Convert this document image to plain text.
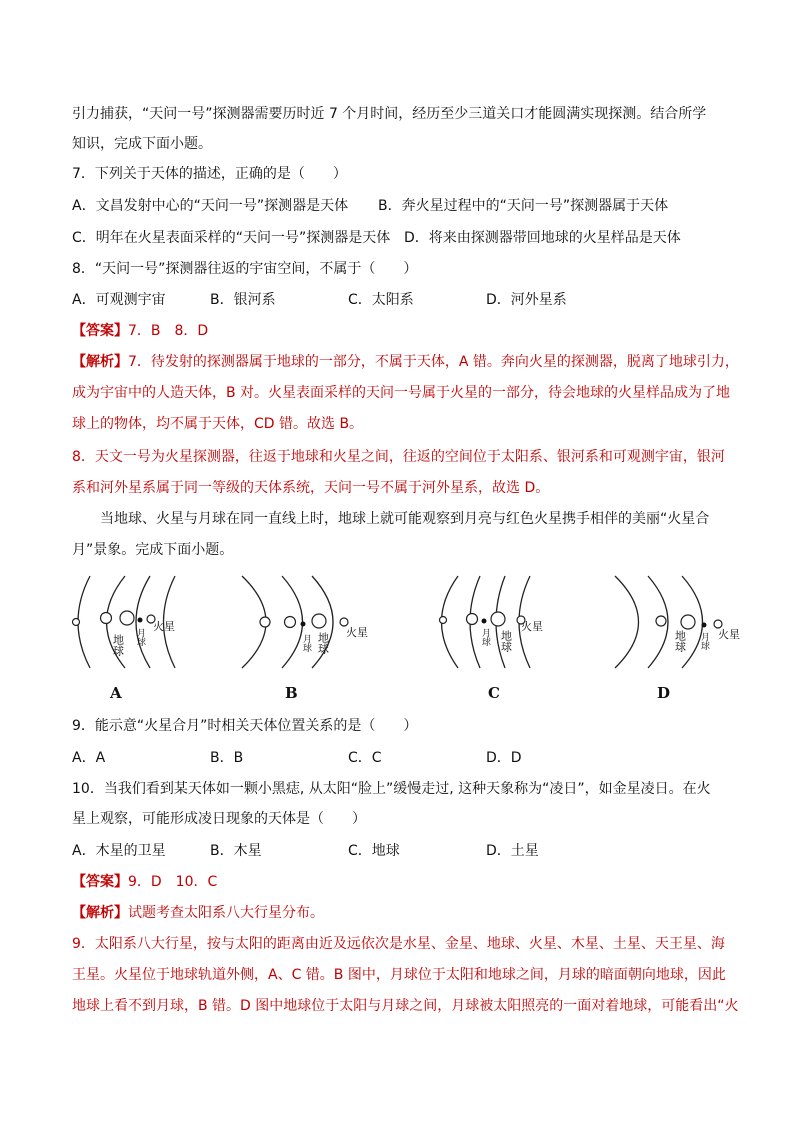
引力捕获，“天问一号”探测器需要历时近 7 个月时间，经历至少三道关口才能圆满实现探测。结合所学
知识，完成下面小题。
7．下列关于天体的描述，正确的是（　　）
A．文昌发射中心的“天问一号”探测器是天体 B．奔火星过程中的“天问一号”探测器属于天体
C．明年在火星表面采样的“天问一号”探测器是天体 D．将来由探测器带回地球的火星样品是天体
8．“天问一号”探测器往返的宇宙空间，不属于（　　）
A．可观测宇宙	B．银河系	C．太阳系	D．河外星系
【答案】7．B　8．D
【解析】7．待发射的探测器属于地球的一部分，不属于天体，A 错。奔向火星的探测器，脱离了地球引力，
成为宇宙中的人造天体，B 对。火星表面采样的天问一号属于火星的一部分，待会地球的火星样品成为了地
球上的物体，均不属于天体，CD 错。故选 B。
8．天文一号为火星探测器，往返于地球和火星之间，往返的空间位于太阳系、银河系和可观测宇宙，银河
系和河外星系属于同一等级的天体系统，天问一号不属于河外星系，故选 D。
当地球、火星与月球在同一直线上时，地球上就可能观察到月亮与红色火星携手相伴的美丽“火星合
月”景象。完成下面小题。
地球 月球
火星
月球 地球 火星	月球 地球
火星
地球 月球 火星
A	B	C	D
9．能示意“火星合月”时相关天体位置关系的是（　　）
A．A	B．B	C．C	D．D
10．当我们看到某天体如一颗小黑痣, 从太阳“脸上”缓慢走过, 这种天象称为“凌日”，如金星凌日。在火
星上观察，可能形成凌日现象的天体是（　　）
A．木星的卫星	B．木星	C．地球	D．土星
【答案】9．D　10．C
【解析】试题考查太阳系八大行星分布。
9．太阳系八大行星，按与太阳的距离由近及远依次是水星、金星、地球、火星、木星、土星、天王星、海
王星。火星位于地球轨道外侧，A、C 错。B 图中，月球位于太阳和地球之间，月球的暗面朝向地球，因此
地球上看不到月球，B 错。D 图中地球位于太阳与月球之间，月球被太阳照亮的一面对着地球，可能看出“火
